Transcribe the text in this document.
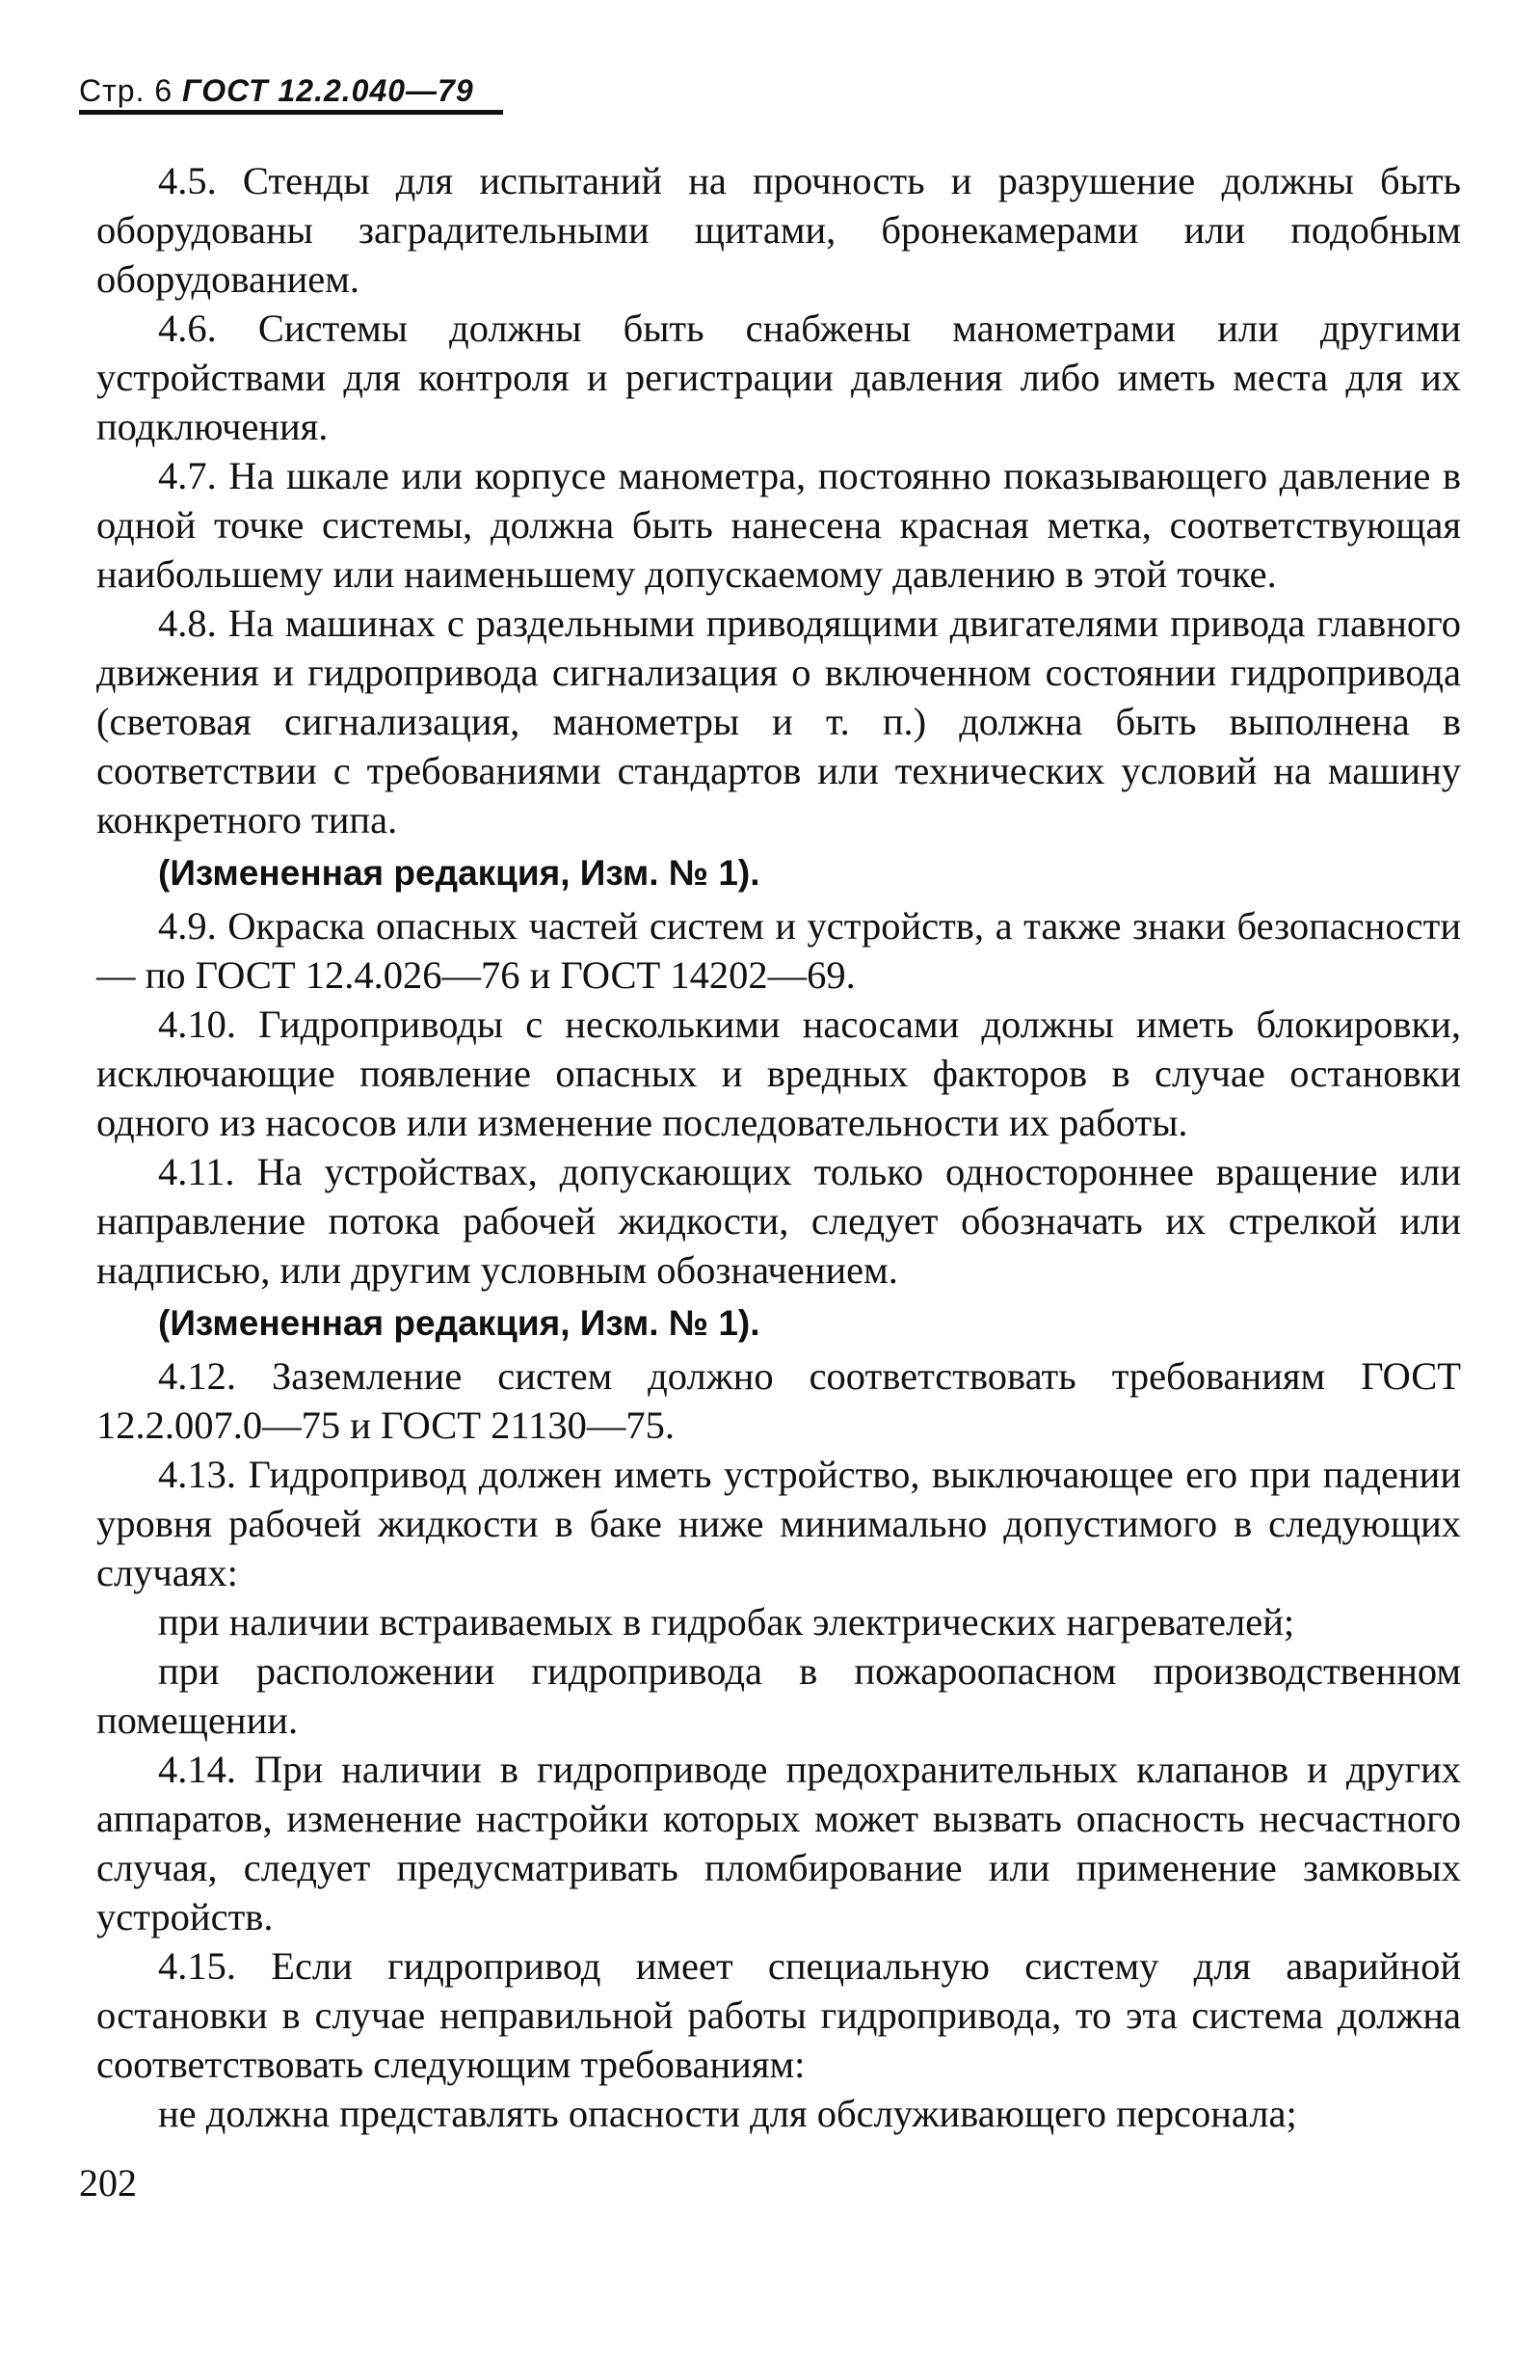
Стр. 6 ГОСТ 12.2.040—79

4.5. Стенды для испытаний на прочность и разрушение должны быть оборудованы заградительными щитами, бронекамерами или подобным оборудованием.

4.6. Системы должны быть снабжены манометрами или другими устройствами для контроля и регистрации давления либо иметь места для их подключения.

4.7. На шкале или корпусе манометра, постоянно показывающего давление в одной точке системы, должна быть нанесена красная метка, соответствующая наибольшему или наименьшему допускаемому давлению в этой точке.

4.8. На машинах с раздельными приводящими двигателями привода главного движения и гидропривода сигнализация о включенном состоянии гидропривода (световая сигнализация, манометры и т. п.) должна быть выполнена в соответствии с требованиями стандартов или технических условий на машину конкретного типа.

(Измененная редакция, Изм. № 1).

4.9. Окраска опасных частей систем и устройств, а также знаки безопасности — по ГОСТ 12.4.026—76 и ГОСТ 14202—69.

4.10. Гидроприводы с несколькими насосами должны иметь блокировки, исключающие появление опасных и вредных факторов в случае остановки одного из насосов или изменение последовательности их работы.

4.11. На устройствах, допускающих только одностороннее вращение или направление потока рабочей жидкости, следует обозначать их стрелкой или надписью, или другим условным обозначением.

(Измененная редакция, Изм. № 1).

4.12. Заземление систем должно соответствовать требованиям ГОСТ 12.2.007.0—75 и ГОСТ 21130—75.

4.13. Гидропривод должен иметь устройство, выключающее его при падении уровня рабочей жидкости в баке ниже минимально допустимого в следующих случаях:

при наличии встраиваемых в гидробак электрических нагревателей;

при расположении гидропривода в пожароопасном производственном помещении.

4.14. При наличии в гидроприводе предохранительных клапанов и других аппаратов, изменение настройки которых может вызвать опасность несчастного случая, следует предусматривать пломбирование или применение замковых устройств.

4.15. Если гидропривод имеет специальную систему для аварийной остановки в случае неправильной работы гидропривода, то эта система должна соответствовать следующим требованиям:

не должна представлять опасности для обслуживающего персонала;

202
